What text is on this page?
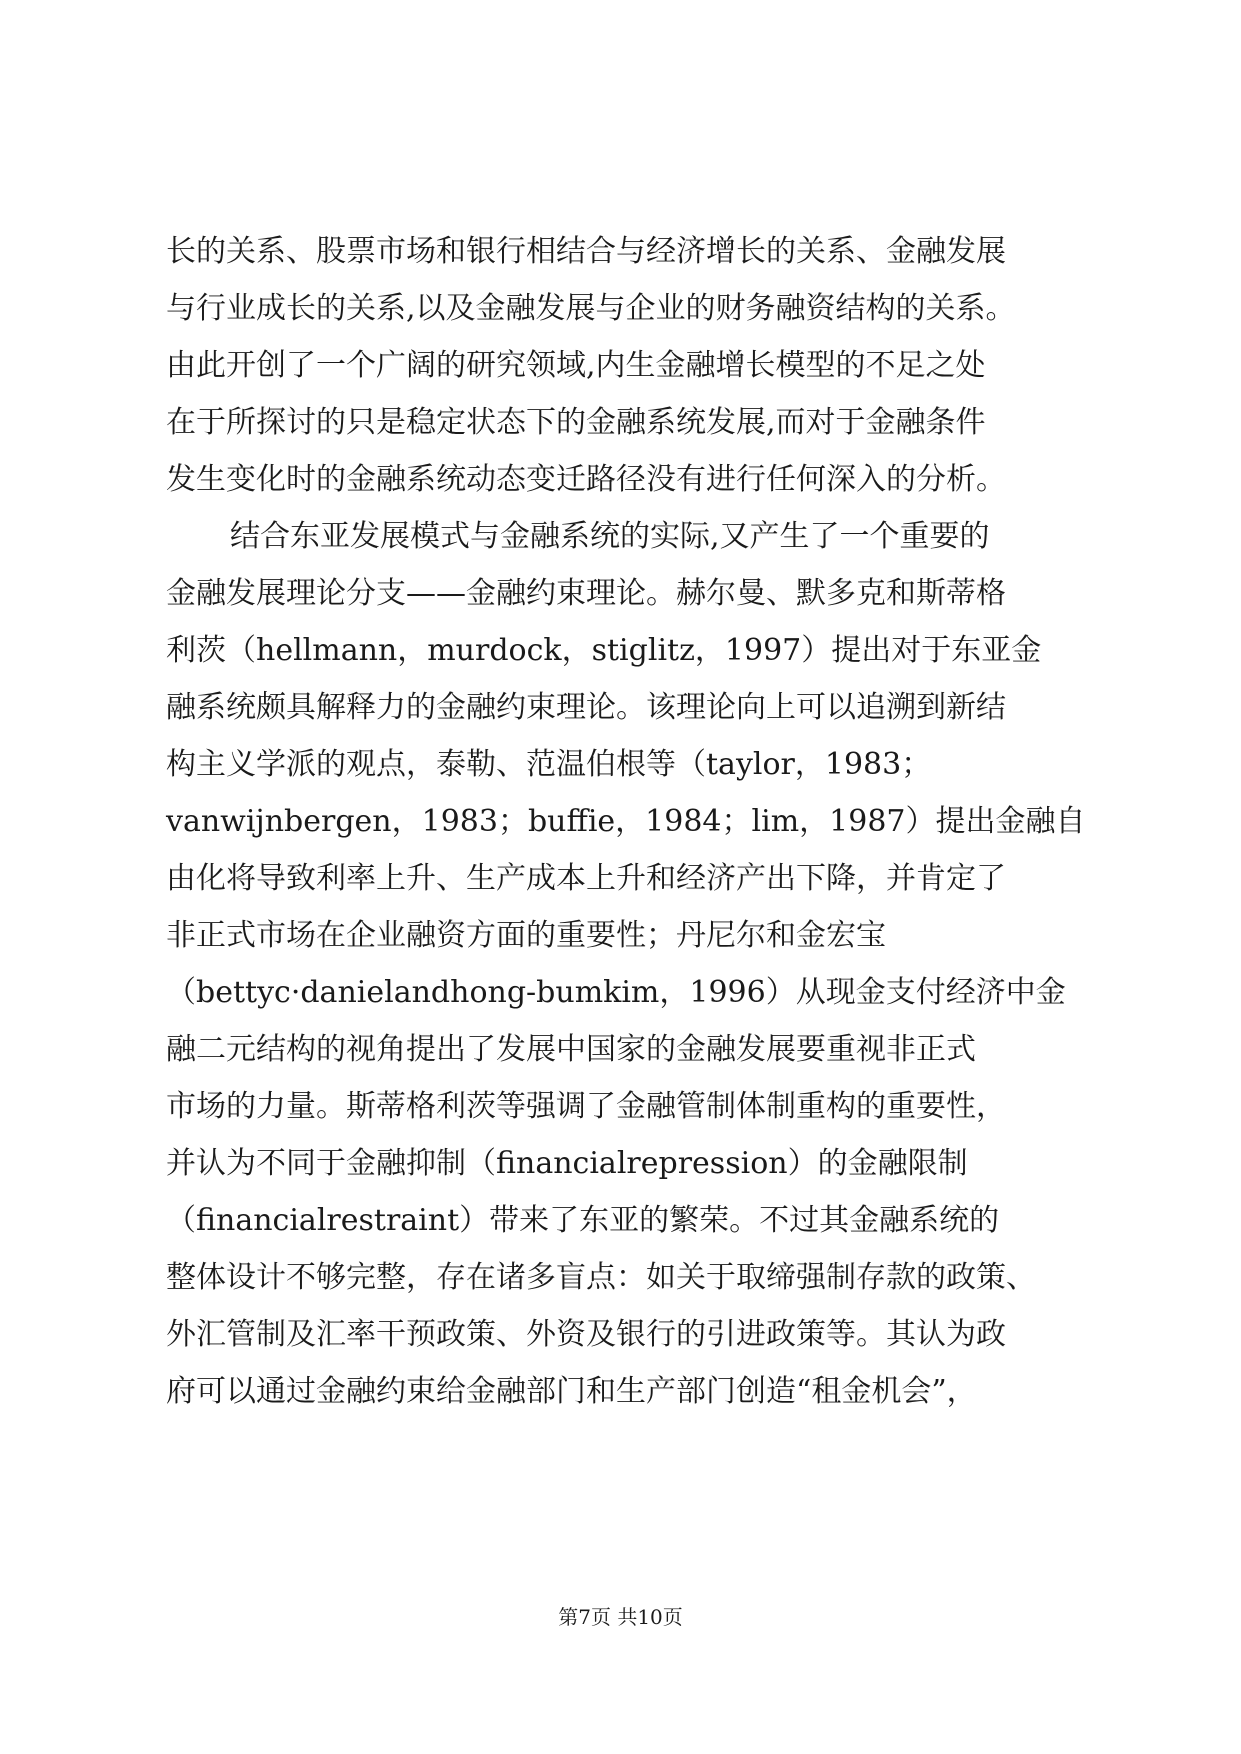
长的关系、股票市场和银行相结合与经济增长的关系、金融发展
与行业成长的关系,以及金融发展与企业的财务融资结构的关系。
由此开创了一个广阔的研究领域,内生金融增长模型的不足之处
在于所探讨的只是稳定状态下的金融系统发展,而对于金融条件
发生变化时的金融系统动态变迁路径没有进行任何深入的分析。
结合东亚发展模式与金融系统的实际,又产生了一个重要的
金融发展理论分支——金融约束理论。赫尔曼、默多克和斯蒂格
利茨（hellmann，murdock，stiglitz，1997）提出对于东亚金
融系统颇具解释力的金融约束理论。该理论向上可以追溯到新结
构主义学派的观点，泰勒、范温伯根等（taylor，1983；
vanwijnbergen，1983；buffie，1984；lim，1987）提出金融自
由化将导致利率上升、生产成本上升和经济产出下降，并肯定了
非正式市场在企业融资方面的重要性；丹尼尔和金宏宝
（bettyc·danielandhong-bumkim，1996）从现金支付经济中金
融二元结构的视角提出了发展中国家的金融发展要重视非正式
市场的力量。斯蒂格利茨等强调了金融管制体制重构的重要性，
并认为不同于金融抑制（financialrepression）的金融限制
（financialrestraint）带来了东亚的繁荣。不过其金融系统的
整体设计不够完整，存在诸多盲点：如关于取缔强制存款的政策、
外汇管制及汇率干预政策、外资及银行的引进政策等。其认为政
府可以通过金融约束给金融部门和生产部门创造“租金机会”，
第7页 共10页
